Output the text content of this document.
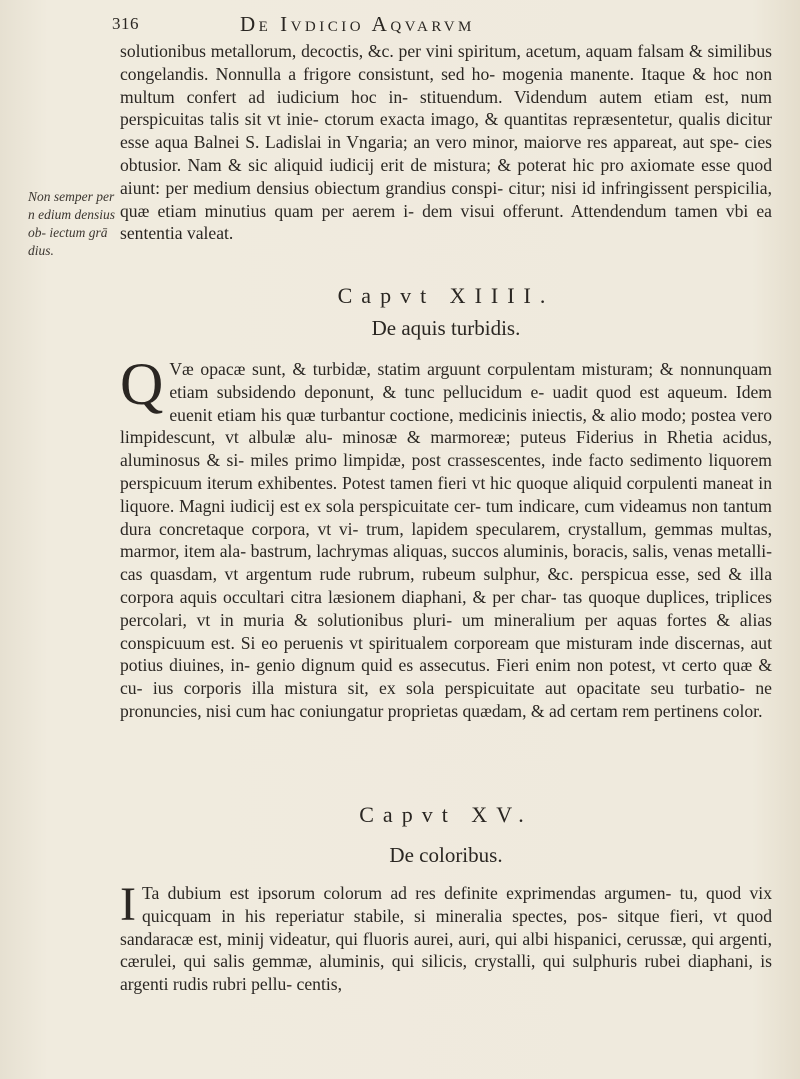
316	De Ivdicio Aqvarvm
Non semper per n edium densius ob- iectum grā dius.

solutionibus metallorum, decoctis, &c. per vini spiritum, acetum, aquam falsam & similibus congelandis. Nonnulla a frigore consistunt, sed ho- mogenia manente. Itaque & hoc non multum confert ad iudicium hoc in- stituendum. Videndum autem etiam est, num perspicuitas talis sit vt inie- ctorum exacta imago, & quantitas repræsentetur, qualis dicitur esse aqua Balnei S. Ladislai in Vngaria; an vero minor, maiorve res appareat, aut spe- cies obtusior. Nam & sic aliquid iudicij erit de mistura; & poterat hic pro axiomate esse quod aiunt: per medium densius obiectum grandius conspi- citur; nisi id infringissent perspicilia, quæ etiam minutius quam per aerem i- dem visui offerunt. Attendendum tamen vbi ea sententia valeat.

Capvt XIIII.
De aquis turbidis.
Q Væ opacæ sunt, & turbidæ, statim arguunt corpulentam misturam; & nonnunquam etiam subsidendo deponunt, & tunc pellucidum e- uadit quod est aqueum. Idem euenit etiam his quæ turbantur coctione, medicinis iniectis, & alio modo; postea vero limpidescunt, vt albulæ alu- minosæ & marmoreæ; puteus Fiderius in Rhetia acidus, aluminosus & si- miles primo limpidæ, post crassescentes, inde facto sedimento liquorem perspicuum iterum exhibentes. Potest tamen fieri vt hic quoque aliquid corpulenti maneat in liquore. Magni iudicij est ex sola perspicuitate cer- tum indicare, cum videamus non tantum dura concretaque corpora, vt vi- trum, lapidem specularem, crystallum, gemmas multas, marmor, item ala- bastrum, lachrymas aliquas, succos aluminis, boracis, salis, venas metalli- cas quasdam, vt argentum rude rubrum, rubeum sulphur, &c. perspicua esse, sed & illa corpora aquis occultari citra læsionem diaphani, & per char- tas quoque duplices, triplices percolari, vt in muria & solutionibus pluri- um mineralium per aquas fortes & alias conspicuum est. Si eo peruenis vt spiritualem corpoream que misturam inde discernas, aut potius diuines, in- genio dignum quid es assecutus. Fieri enim non potest, vt certo quæ & cu- ius corporis illa mistura sit, ex sola perspicuitate aut opacitate seu turbatio- ne pronuncies, nisi cum hac coniungatur proprietas quædam, & ad certam rem pertinens color.

Capvt XV.
De coloribus.
I Ta dubium est ipsorum colorum ad res definite exprimendas argumen- tu, quod vix quicquam in his reperiatur stabile, si mineralia spectes, pos- sitque fieri, vt quod sandaracæ est, minij videatur, qui fluoris aurei, auri, qui albi hispanici, cerussæ, qui argenti, cærulei, qui salis gemmæ, aluminis, qui silicis, crystalli, qui sulphuris rubei diaphani, is argenti rudis rubri pellu- centis,
